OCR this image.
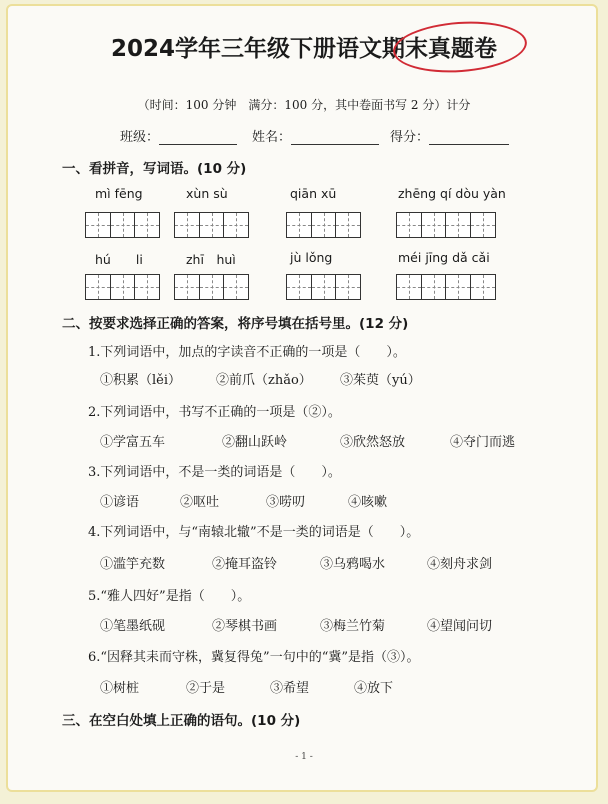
2024学年三年级下册语文期末真题卷
（时间：100 分钟　满分：100 分，其中卷面书写 2 分）计分
班级：	姓名：	得分：
一、看拼音，写词语。(10 分)
mì fēng	xùn sù	qiān xū	zhēng qí dòu yàn
hú　　li	zhī　huì	jù lǒng	méi jīng dǎ cǎi
二、按要求选择正确的答案，将序号填在括号里。(12 分)
1.下列词语中，加点的字读音不正确的一项是（　　）。
①积累（lěi）	②前爪（zhǎo） ③茱萸（yú）
2.下列词语中，书写不正确的一项是（②）。
①学富五车	②翻山跃岭	③欣然怒放	④夺门而逃
3.下列词语中，不是一类的词语是（　　）。
①谚语	②呕吐	③唠叨	④咳嗽
4.下列词语中，与“南辕北辙”不是一类的词语是（　　）。
①滥竽充数	②掩耳盗铃	③乌鸦喝水	④刻舟求剑
5.“雅人四好”是指（　　）。
①笔墨纸砚	②琴棋书画	③梅兰竹菊	④望闻问切
6.“因释其耒而守株，冀复得兔”一句中的“冀”是指（③）。
①树桩	②于是	③希望	④放下
三、在空白处填上正确的语句。(10 分)
- 1 -
